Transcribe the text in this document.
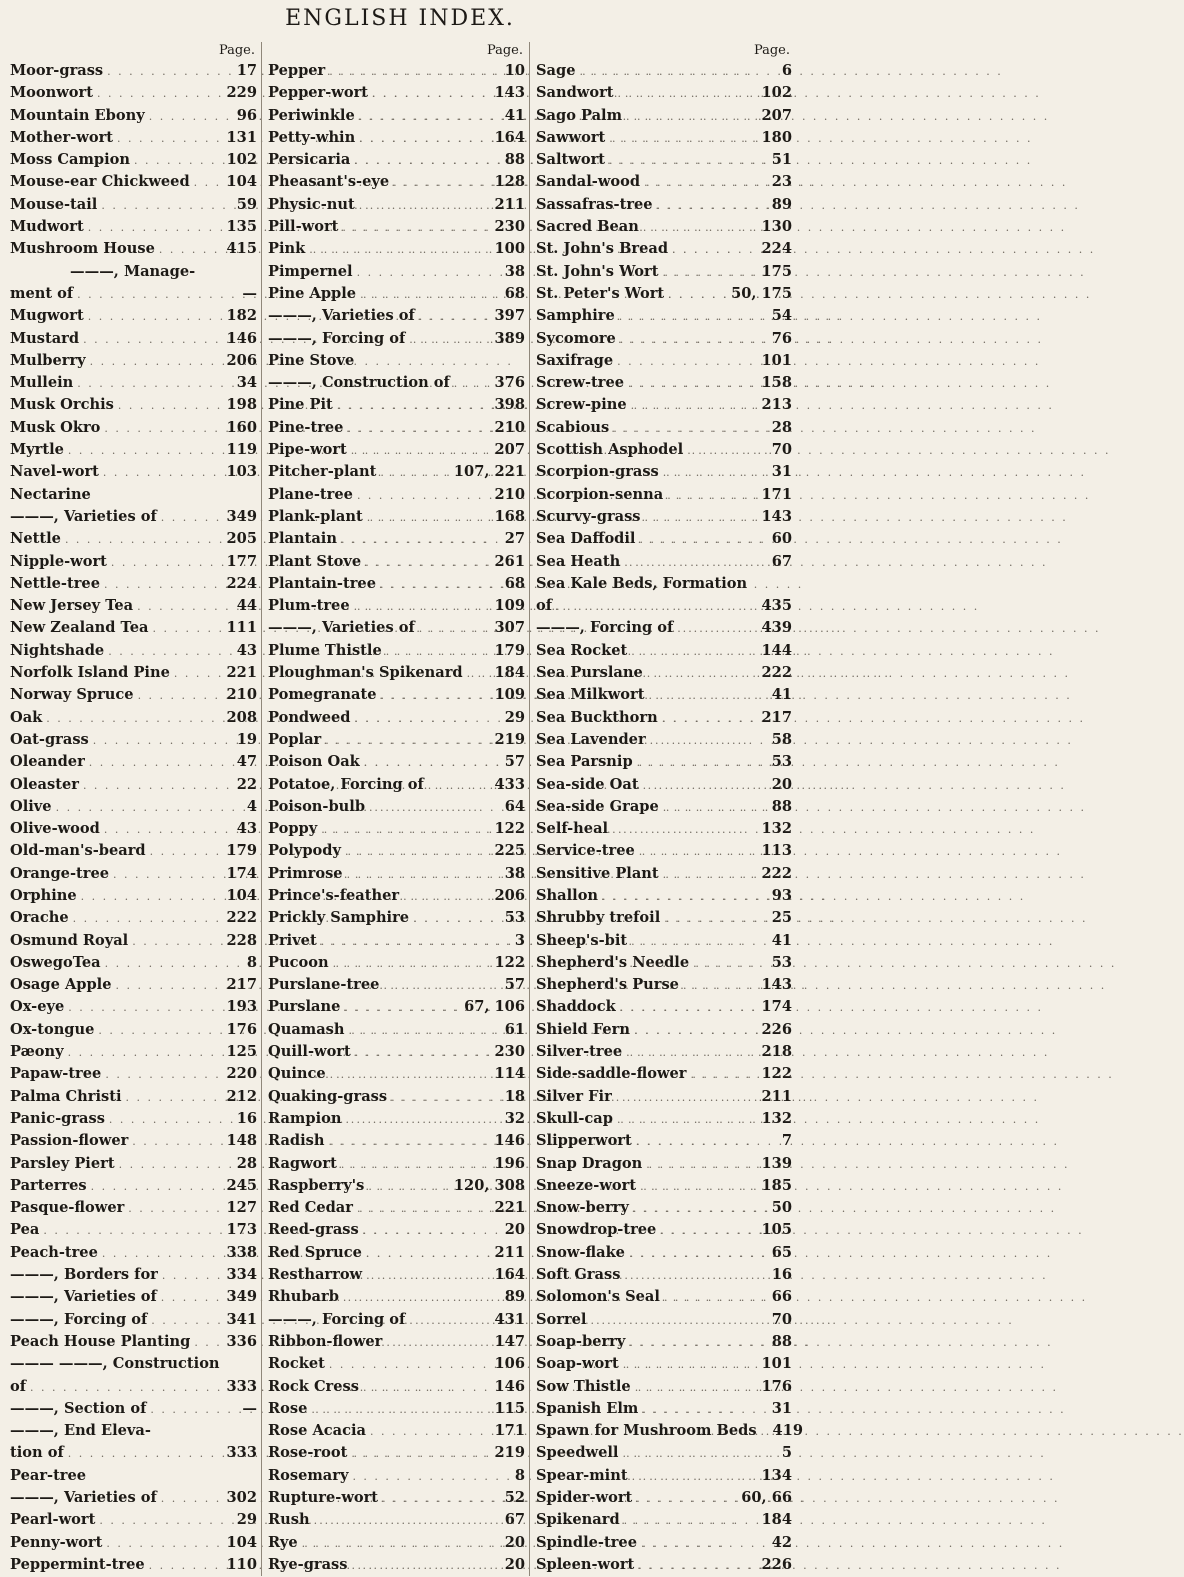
ENGLISH INDEX.
Page.
Moor-grass . . .	17
Moonwort . . .	229
Mountain Ebony . . .	96
Mother-wort . . .	131
Moss Campion . . .	102
Mouse-ear Chickweed . . .	104
Mouse-tail . . .	59
Mudwort . . .	135
Mushroom House . . .	415
———, Manage-
ment of . . .	—
Mugwort . . .	182
Mustard . . .	146
Mulberry . . .	206
Mullein . . .	34
Musk Orchis . . .	198
Musk Okro . . .	160
Myrtle . . .	119
Navel-wort . . .	103
Nectarine
———, Varieties of . . .	349
Nettle . . .	205
Nipple-wort . . .	177
Nettle-tree . . .	224
New Jersey Tea . . .	44
New Zealand Tea . . .	111
Nightshade . . .	43
Norfolk Island Pine . . .	221
Norway Spruce . . .	210
Oak . . .	208
Oat-grass . . .	19
Oleander . . .	47
Oleaster . . .	22
Olive . . .	4
Olive-wood . . .	43
Old-man's-beard . . .	179
Orange-tree . . .	174
Orphine . . .	104
Orache . . .	222
Osmund Royal . . .	228
OswegoTea . . .	8
Osage Apple . . .	217
Ox-eye . . .	193
Ox-tongue . . .	176
Pæony . . .	125
Papaw-tree . . .	220
Palma Christi . . .	212
Panic-grass . . .	16
Passion-flower . . .	148
Parsley Piert . . .	28
Parterres . . .	245
Pasque-flower . . .	127
Pea . . .	173
Peach-tree . . .	338
———, Borders for . . .	334
———, Varieties of . . .	349
———, Forcing of . . .	341
Peach House Planting . . . 336
——— ———, Construction
of . . .	333
———, Section of . . .	—
———, End Eleva-
tion of . . .	333
Pear-tree
———, Varieties of . . .	302
Pearl-wort . . .	29
Penny-wort . . .	104
Peppermint-tree . . .	110
Page.
Pepper . . .	10
Pepper-wort . . .	143
Periwinkle . . .	41
Petty-whin . . .	164
Persicaria . . .	88
Pheasant's-eye . . .	128
Physic-nut . . .	211
Pill-wort . . .	230
Pink . . .	100
Pimpernel . . .	38
Pine Apple . . .	68
———, Varieties of . . .	397
———, Forcing of . . .	389
Pine Stove
———, Construction of . . .	376
Pine Pit . . .	398
Pine-tree . . .	210
Pipe-wort . . .	207
Pitcher-plant . . .	107, 221
Plane-tree . . .	210
Plank-plant . . .	168
Plantain . . .	27
Plant Stove . . .	261
Plantain-tree . . .	68
Plum-tree . . .	109
———, Varieties of . . .	307
Plume Thistle . . .	179
Ploughman's Spikenard . . . 184
Pomegranate . . .	109
Pondweed . . .	29
Poplar . . .	219
Poison Oak . . .	57
Potatoe, Forcing of . . .	433
Poison-bulb . . .	64
Poppy . . .	122
Polypody . . .	225
Primrose . . .	38
Prince's-feather . . .	206
Prickly Samphire . . .	53
Privet . . .	3
Pucoon . . .	122
Purslane-tree . . .	57
Purslane . . .	67, 106
Quamash . . .	61
Quill-wort . . .	230
Quince . . .	114
Quaking-grass . . .	18
Rampion . . .	32
Radish . . .	146
Ragwort . . .	196
Raspberry's . . .	120, 308
Red Cedar . . .	221
Reed-grass . . .	20
Red Spruce . . .	211
Restharrow . . .	164
Rhubarb . . .	89
———, Forcing of . . .	431
Ribbon-flower . . .	147
Rocket . . .	106
Rock Cress . . .	146
Rose . . .	115
Rose Acacia . . .	171
Rose-root . . .	219
Rosemary . . .	8
Rupture-wort . . .	52
Rush . . .	67
Rye . . .	20
Rye-grass . . .	20
Page.
Sage . . .	6
Sandwort . . .	102
Sago Palm . . .	207
Sawwort . . .	180
Saltwort . . .	51
Sandal-wood . . .	23
Sassafras-tree . . .	89
Sacred Bean . . .	130
St. John's Bread . . .	224
St. John's Wort . . .	175
St. Peter's Wort . . .	50, 175
Samphire . . .	54
Sycomore . . .	76
Saxifrage . . .	101
Screw-tree . . .	158
Screw-pine . . .	213
Scabious . . .	28
Scottish Asphodel . . .	70
Scorpion-grass . . .	31
Scorpion-senna . . .	171
Scurvy-grass . . .	143
Sea Daffodil . . .	60
Sea Heath . . .	67
Sea Kale Beds, Formation
of . . .	435
———, Forcing of . . .	439
Sea Rocket . . .	144
Sea Purslane . . .	222
Sea Milkwort . . .	41
Sea Buckthorn . . .	217
Sea Lavender . . .	58
Sea Parsnip . . .	53
Sea-side Oat . . .	20
Sea-side Grape . . .	88
Self-heal . . .	132
Service-tree . . .	113
Sensitive Plant . . .	222
Shallon . . .	93
Shrubby trefoil . . .	25
Sheep's-bit . . .	41
Shepherd's Needle . . .	53
Shepherd's Purse . . .	143
Shaddock . . .	174
Shield Fern . . .	226
Silver-tree . . .	218
Side-saddle-flower . . .	122
Silver Fir . . .	211
Skull-cap . . .	132
Slipperwort . . .	7
Snap Dragon . . .	139
Sneeze-wort . . .	185
Snow-berry . . .	50
Snowdrop-tree . . .	105
Snow-flake . . .	65
Soft Grass . . .	16
Solomon's Seal . . .	66
Sorrel . . .	70
Soap-berry . . .	88
Soap-wort . . .	101
Sow Thistle . . .	176
Spanish Elm . . .	31
Spawn for Mushroom Beds . . . 419
Speedwell . . .	5
Spear-mint . . .	134
Spider-wort . . .	60, 66
Spikenard . . .	184
Spindle-tree . . .	42
Spleen-wort . . .	226
